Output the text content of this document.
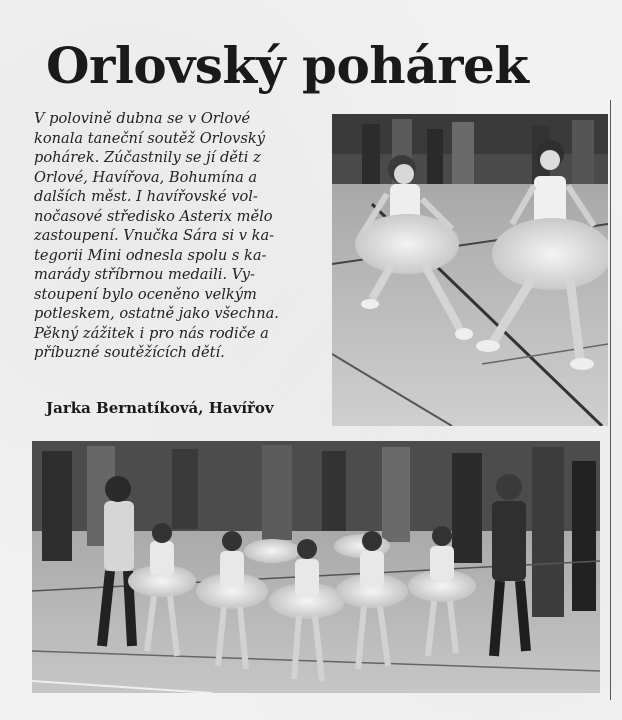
Orlovský pohárek

V polovině dubna se v Orlové

konala taneční soutěž Orlovský

pohárek. Zúčastnily se jí děti z

Orlové, Havířova, Bohumína a

dalších měst. I havířovské vol-

nočasové středisko Asterix mělo

zastoupení. Vnučka Sára si v ka-

tegorii Mini odnesla spolu s ka-

marády stříbrnou medaili. Vy-

stoupení bylo oceněno velkým

potleskem, ostatně jako všechna.

Pěkný zážitek i pro nás rodiče a

příbuzné soutěžících dětí.

Jarka Bernatíková, Havířov
